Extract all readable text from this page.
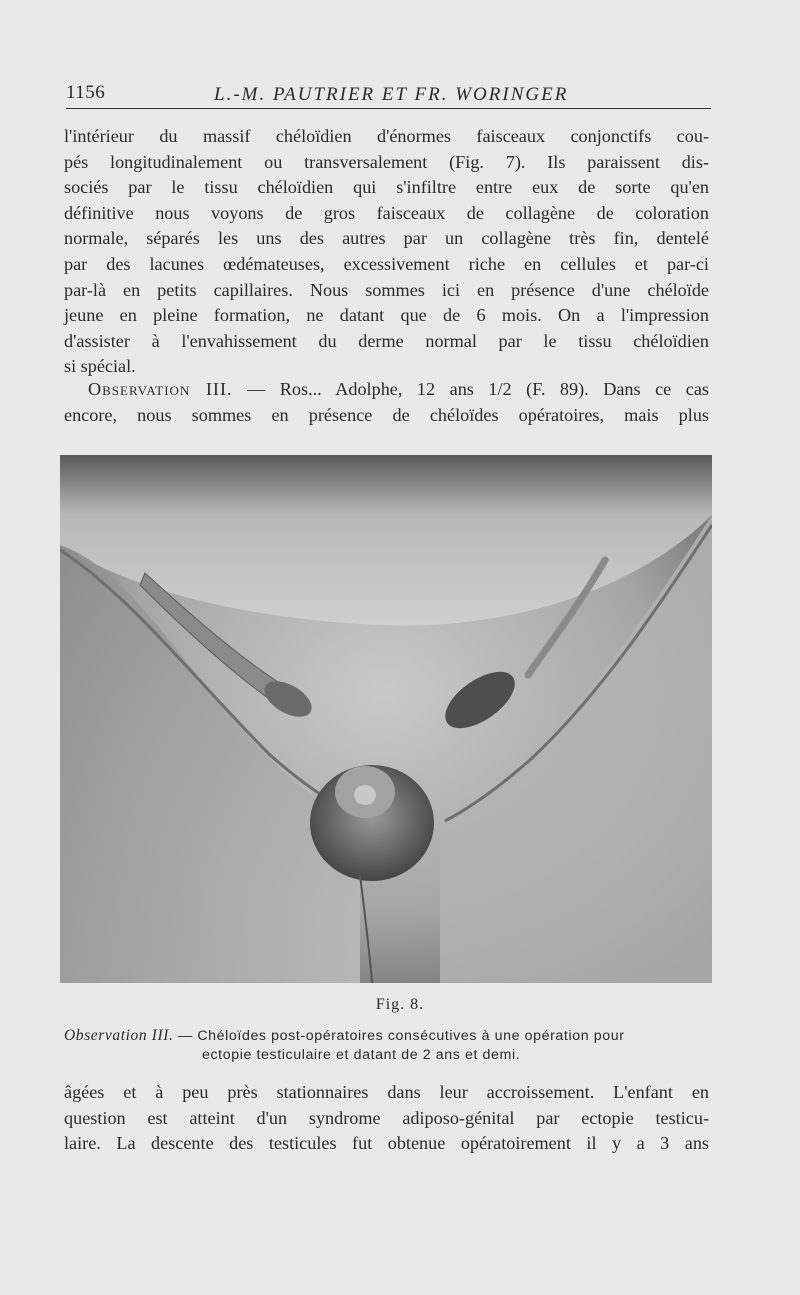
1156	L.-M. PAUTRIER ET FR. WORINGER
l'intérieur du massif chéloïdien d'énormes faisceaux conjonctifs cou-
pés longitudinalement ou transversalement (Fig. 7). Ils paraissent dis-
sociés par le tissu chéloïdien qui s'infiltre entre eux de sorte qu'en
définitive nous voyons de gros faisceaux de collagène de coloration
normale, séparés les uns des autres par un collagène très fin, dentelé
par des lacunes œdémateuses, excessivement riche en cellules et par-ci
par-là en petits capillaires. Nous sommes ici en présence d'une chéloïde
jeune en pleine formation, ne datant que de 6 mois. On a l'impression
d'assister à l'envahissement du derme normal par le tissu chéloïdien
si spécial.
Observation III. — Ros... Adolphe, 12 ans 1/2 (F. 89). Dans ce cas
encore, nous sommes en présence de chéloïdes opératoires, mais plus
Fig. 8.
Observation III. — Chéloïdes post-opératoires consécutives à une opération pour
ectopie testiculaire et datant de 2 ans et demi.
âgées et à peu près stationnaires dans leur accroissement. L'enfant en
question est atteint d'un syndrome adiposo-génital par ectopie testicu-
laire. La descente des testicules fut obtenue opératoirement il y a 3 ans
